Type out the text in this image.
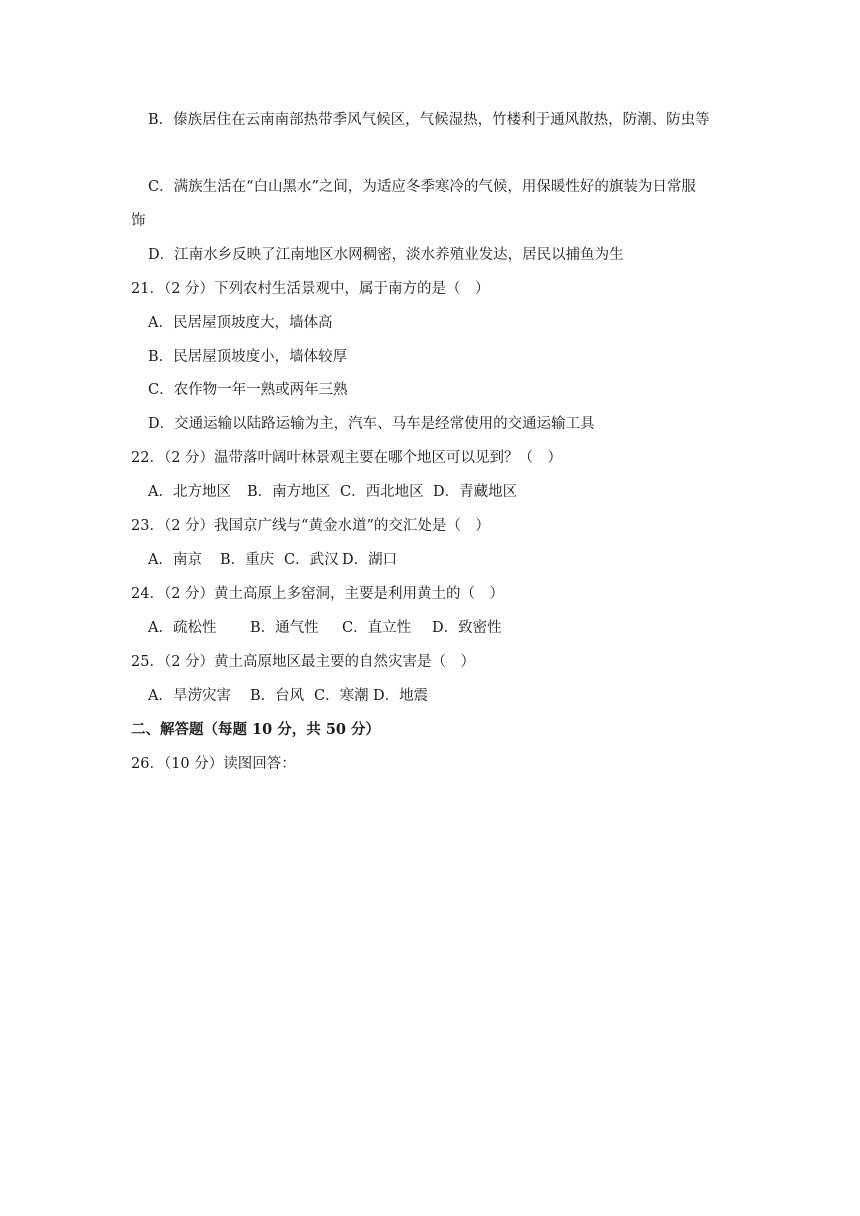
B．傣族居住在云南南部热带季风气候区，气候湿热，竹楼利于通风散热，防潮、防虫等
C．满族生活在“白山黑水”之间，为适应冬季寒冷的气候，用保暖性好的旗装为日常服
饰
D．江南水乡反映了江南地区水网稠密，淡水养殖业发达，居民以捕鱼为生
21．（2 分）下列农村生活景观中，属于南方的是（　）
A．民居屋顶坡度大，墙体高
B．民居屋顶坡度小，墙体较厚
C．农作物一年一熟或两年三熟
D．交通运输以陆路运输为主，汽车、马车是经常使用的交通运输工具
22．（2 分）温带落叶阔叶林景观主要在哪个地区可以见到？（　）
A．北方地区 B．南方地区 C．西北地区 D．青藏地区
23．（2 分）我国京广线与“黄金水道”的交汇处是（　）
A．南京 B．重庆 C．武汉 D．湖口
24．（2 分）黄土高原上多窑洞，主要是利用黄土的（　）
A．疏松性 B．通气性 C．直立性 D．致密性
25．（2 分）黄土高原地区最主要的自然灾害是（　）
A．旱涝灾害 B．台风 C．寒潮 D．地震
二、解答题（每题 10 分，共 50 分）
26．（10 分）读图回答：
